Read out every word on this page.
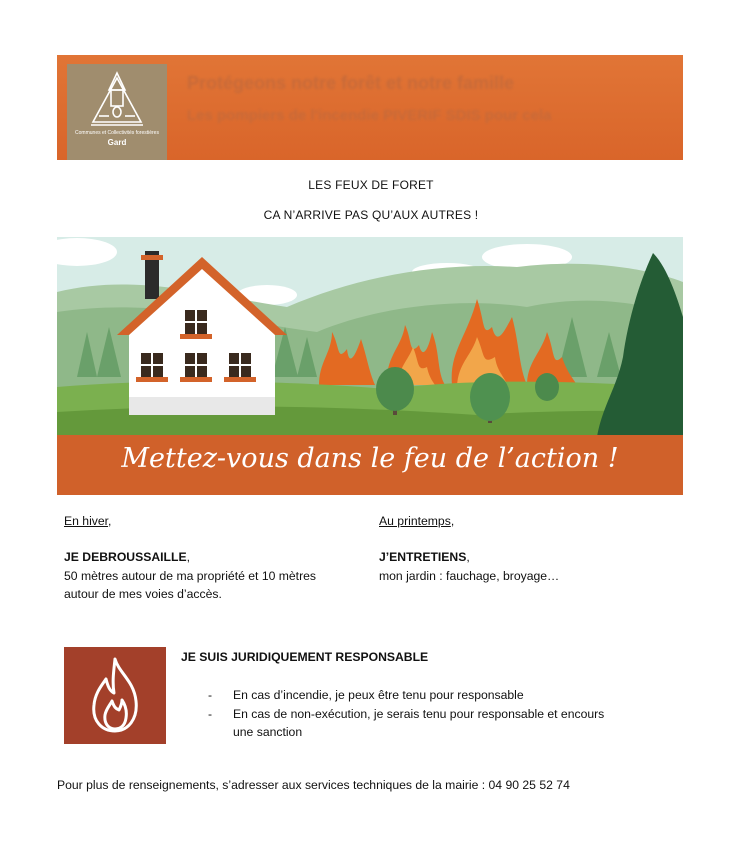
Communes et Collectivités forestières
Gard
Protégeons notre forêt et notre famille
Les pompiers de l'incendie PIVERIF SDIS pour cela
LES FEUX DE FORET
CA N’ARRIVE PAS QU’AUX AUTRES !
Mettez-vous dans le feu de l’action !
En hiver,
JE DEBROUSSAILLE,
50 mètres autour de ma propriété et 10 mètres
autour de mes voies d’accès.
Au printemps,
J’ENTRETIENS,
mon jardin : fauchage, broyage…
JE SUIS JURIDIQUEMENT RESPONSABLE
- En cas d’incendie, je peux être tenu pour responsable
- En cas de non-exécution, je serais tenu pour responsable et encours
une sanction
Pour plus de renseignements, s’adresser aux services techniques de la mairie : 04 90 25 52 74
